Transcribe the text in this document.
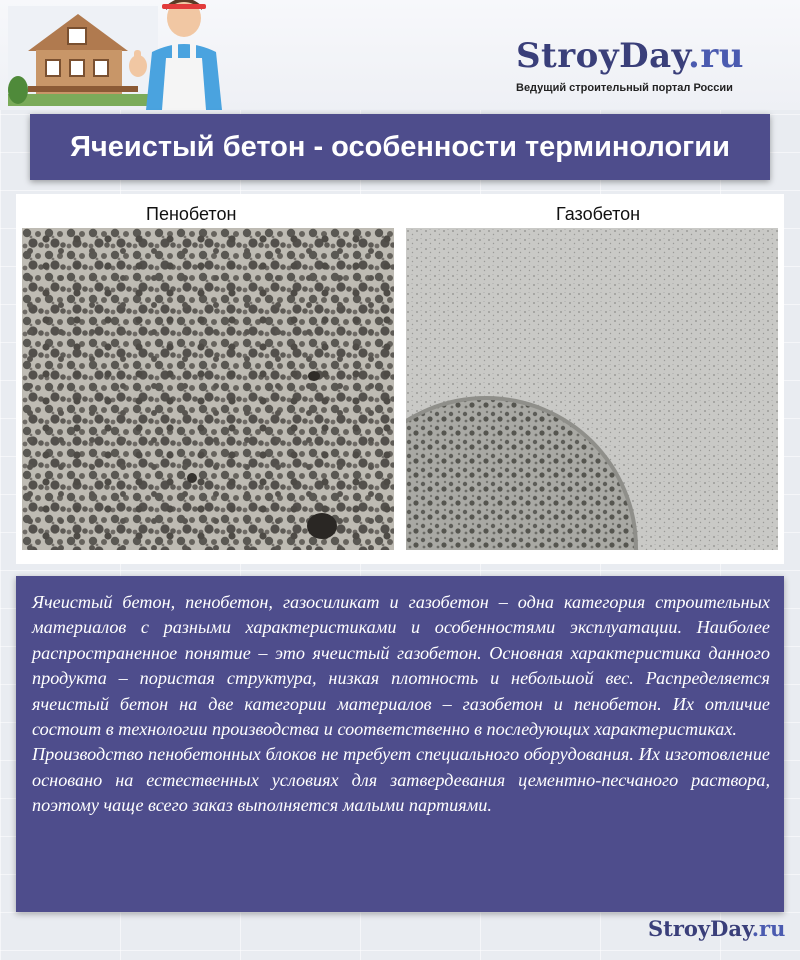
StroyDay.ru
Ведущий строительный портал России
Ячеистый бетон - особенности терминологии
Пенобетон	Газобетон

Ячеистый бетон, пенобетон, газосиликат и газобетон – одна категория строительных материалов с разными характеристиками и особенностями эксплуатации. Наиболее распространенное понятие – это ячеистый газобетон. Основная характеристика данного продукта – пористая структура, низкая плотность и небольшой вес. Распределяется ячеистый бетон на две категории материалов – газобетон и пенобетон. Их отличие состоит в технологии производства и соответственно в последующих характеристиках.

Производство пенобетонных блоков не требует специального оборудования. Их изготовление основано на естественных условиях для затвердевания цементно-песчаного раствора, поэтому чаще всего заказ выполняется малыми партиями.

StroyDay.ru
